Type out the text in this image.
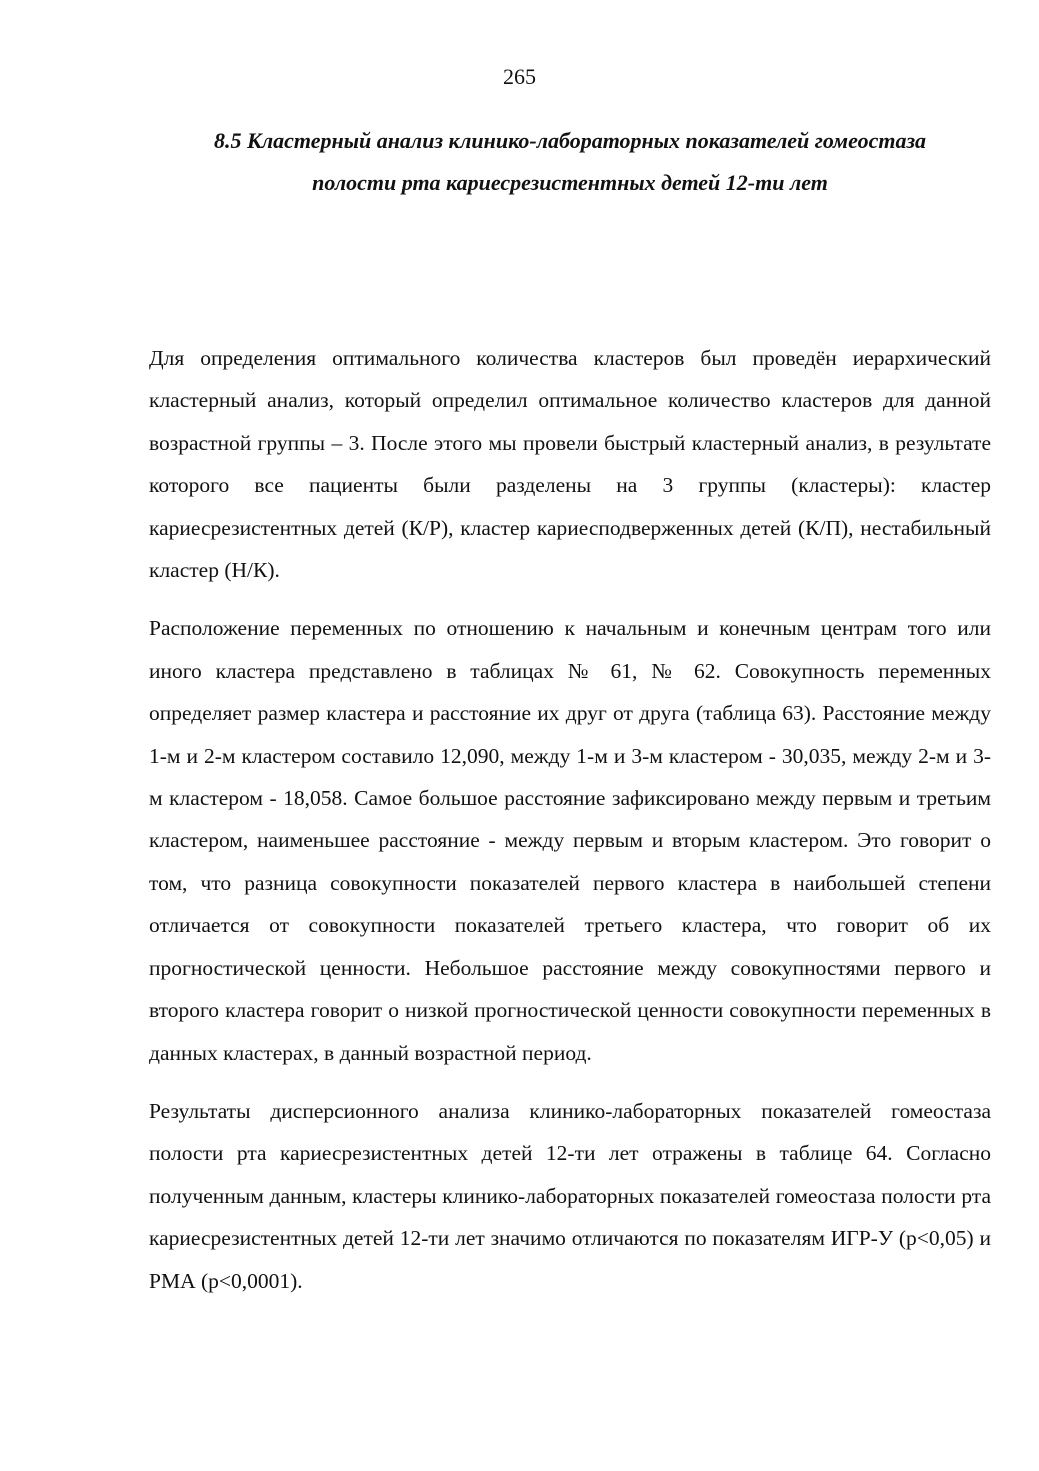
265
8.5 Кластерный анализ клинико-лабораторных показателей гомеостаза
полости рта кариесрезистентных детей 12-ти лет

Для определения оптимального количества кластеров был проведён иерархический кластерный анализ, который определил оптимальное количество кластеров для данной возрастной группы – 3. После этого мы провели быстрый кластерный анализ, в результате которого все пациенты были разделены на 3 группы (кластеры): кластер кариесрезистентных детей (К/Р), кластер кариесподверженных детей (К/П), нестабильный кластер (Н/К).

Расположение переменных по отношению к начальным и конечным центрам того или иного кластера представлено в таблицах № 61, № 62. Совокупность переменных определяет размер кластера и расстояние их друг от друга (таблица 63). Расстояние между 1-м и 2-м кластером составило 12,090, между 1-м и 3-м кластером - 30,035, между 2-м и 3-м кластером - 18,058. Самое большое расстояние зафиксировано между первым и третьим кластером, наименьшее расстояние - между первым и вторым кластером. Это говорит о том, что разница совокупности показателей первого кластера в наибольшей степени отличается от совокупности показателей третьего кластера, что говорит об их прогностической ценности. Небольшое расстояние между совокупностями первого и второго кластера говорит о низкой прогностической ценности совокупности переменных в данных кластерах, в данный возрастной период.

Результаты дисперсионного анализа клинико-лабораторных показателей гомеостаза полости рта кариесрезистентных детей 12-ти лет отражены в таблице 64. Согласно полученным данным, кластеры клинико-лабораторных показателей гомеостаза полости рта кариесрезистентных детей 12-ти лет значимо отличаются по показателям ИГР-У (р<0,05) и РМА (р<0,0001).
